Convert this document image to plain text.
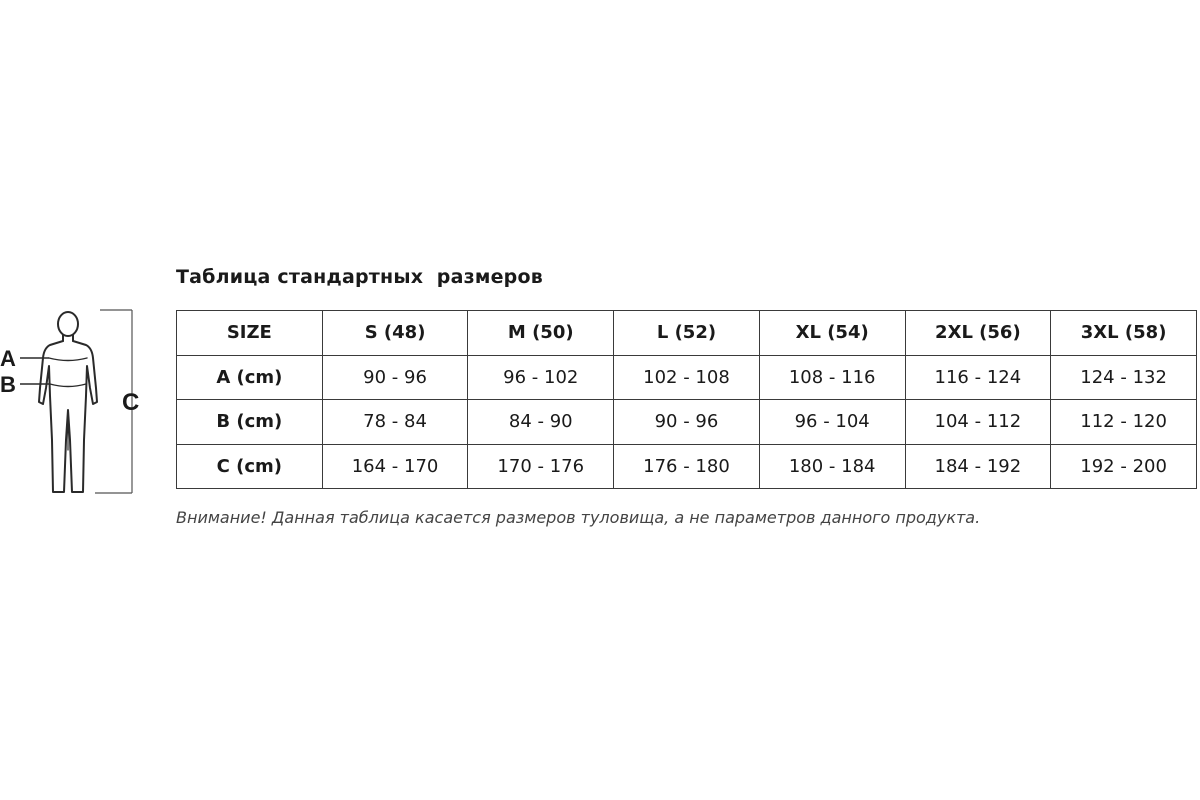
Таблица стандартных  размеров
A
B
C
SIZE	S (48)	M (50)	L (52)	XL (54)	2XL (56)	3XL (58)
A (cm)	90 - 96	96 - 102	102 - 108	108 - 116	116 - 124	124 - 132
B (cm)	78 - 84	84 - 90	90 - 96	96 - 104	104 - 112	112 - 120
C (cm)	164 - 170	170 - 176	176 - 180	180 - 184	184 - 192	192 - 200
Внимание! Данная таблица касается размеров туловища, а не параметров данного продукта.
